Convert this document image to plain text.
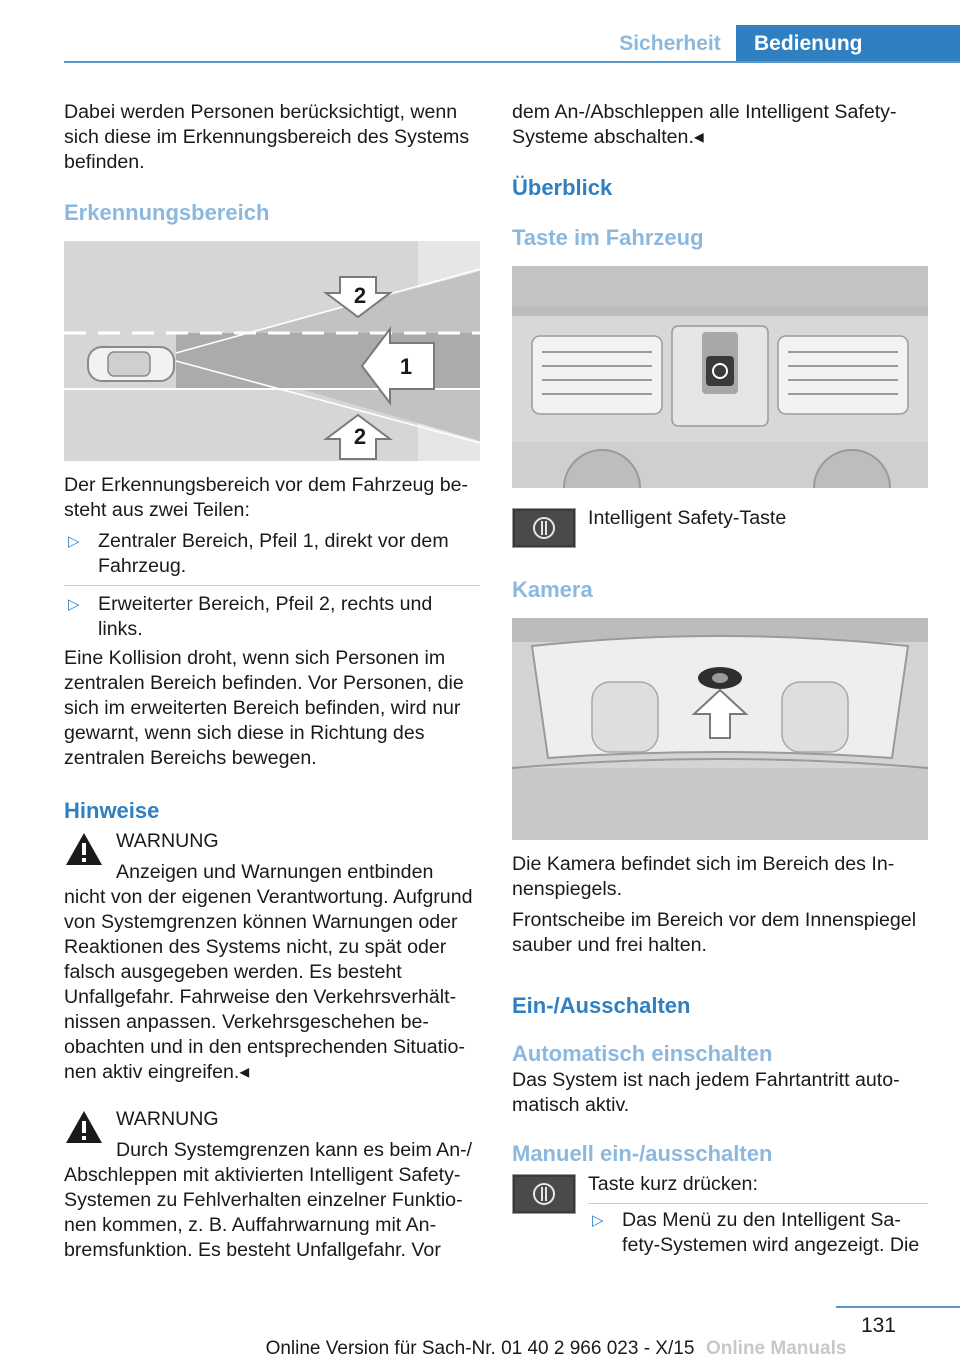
Sicherheit	Bedienung

Dabei werden Personen berücksichtigt, wenn sich diese im Erkennungsbereich des Systems befinden.

Erkennungsbereich
2
1
2

Der Erkennungsbereich vor dem Fahrzeug besteht aus zwei Teilen:

▷ Zentraler Bereich, Pfeil 1, direkt vor dem Fahrzeug.
▷ Erweiterter Bereich, Pfeil 2, rechts und links.

Eine Kollision droht, wenn sich Personen im zentralen Bereich befinden. Vor Personen, die sich im erweiterten Bereich befinden, wird nur gewarnt, wenn sich diese in Richtung des zentralen Bereichs bewegen.

Hinweise

WARNUNG

Anzeigen und Warnungen entbinden

nicht von der eigenen Verantwortung. Aufgrund von Systemgrenzen können Warnungen oder Reaktionen des Systems nicht, zu spät oder falsch ausgegeben werden. Es besteht Unfallgefahr. Fahrweise den Verkehrsverhältnissen anpassen. Verkehrsgeschehen beobachten und in den entsprechenden Situationen aktiv eingreifen.◂

WARNUNG

Durch Systemgrenzen kann es beim An-/

Abschleppen mit aktivierten Intelligent Safety-Systemen zu Fehlverhalten einzelner Funktionen kommen, z. B. Auffahrwarnung mit Anbremsfunktion. Es besteht Unfallgefahr. Vor

dem An-/Abschleppen alle Intelligent Safety-Systeme abschalten.◂

Überblick
Taste im Fahrzeug

Intelligent Safety-Taste

Kamera

Die Kamera befindet sich im Bereich des Innenspiegels.

Frontscheibe im Bereich vor dem Innenspiegel sauber und frei halten.

Ein-/Ausschalten
Automatisch einschalten

Das System ist nach jedem Fahrtantritt automatisch aktiv.

Manuell ein-/ausschalten

Taste kurz drücken:

▷ Das Menü zu den Intelligent Safety-Systemen wird angezeigt. Die
131
Online Version für Sach-Nr. 01 40 2 966 023 - X/15 Online Manuals
